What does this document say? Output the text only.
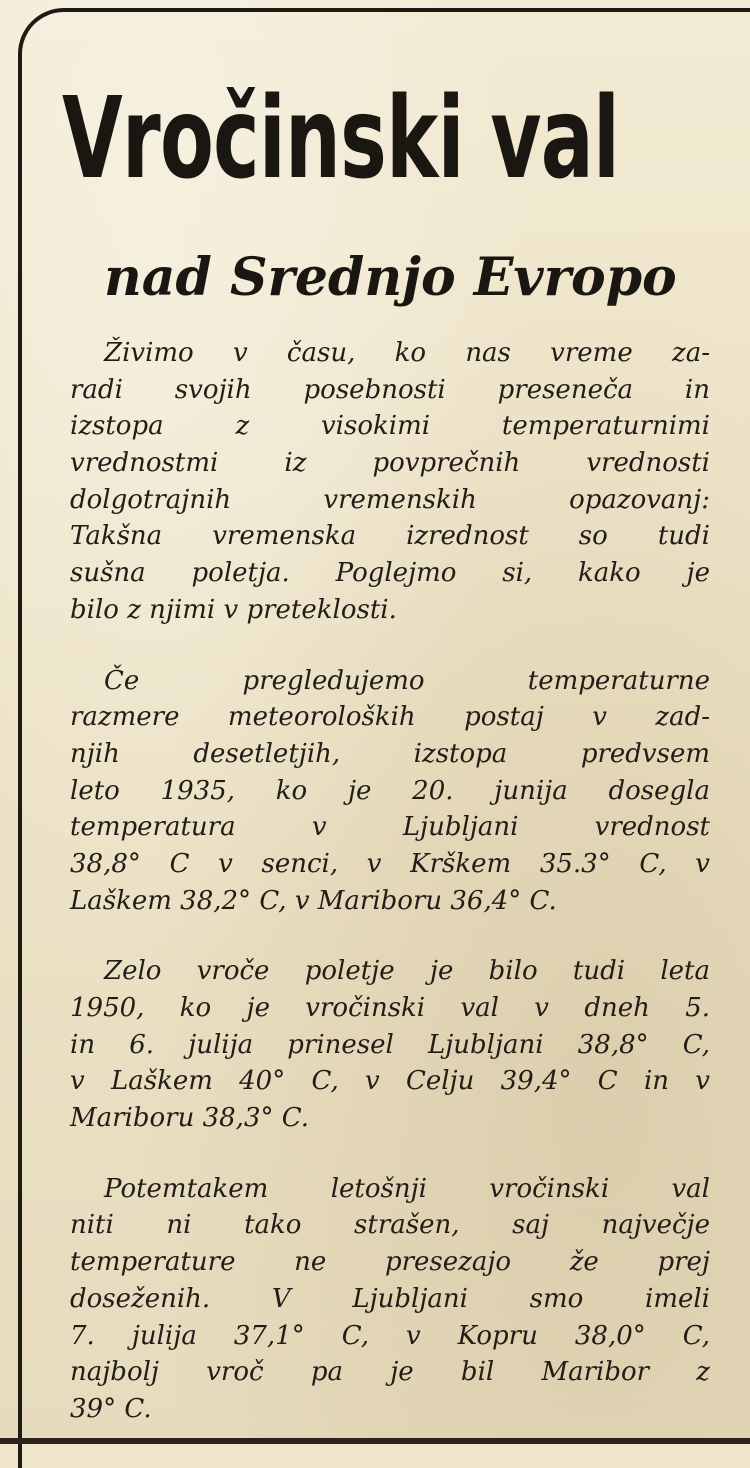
Vročinski val
nad Srednjo Evropo

Živimo v času, ko nas vreme za-
radi svojih posebnosti preseneča in
izstopa z visokimi temperaturnimi
vrednostmi iz povprečnih vrednosti
dolgotrajnih vremenskih opazovanj:
Takšna vremenska izrednost so tudi
sušna poletja. Poglejmo si, kako je
bilo z njimi v preteklosti.

Če pregledujemo temperaturne
razmere meteoroloških postaj v zad-
njih desetletjih, izstopa predvsem
leto 1935, ko je 20. junija dosegla
temperatura v Ljubljani vrednost
38,8° C v senci, v Krškem 35.3° C, v
Laškem 38,2° C, v Mariboru 36,4° C.

Zelo vroče poletje je bilo tudi leta
1950, ko je vročinski val v dneh 5.
in 6. julija prinesel Ljubljani 38,8° C,
v Laškem 40° C, v Celju 39,4° C in v
Mariboru 38,3° C.

Potemtakem letošnji vročinski val
niti ni tako strašen, saj največje
temperature ne presezajo že prej
doseženih. V Ljubljani smo imeli
7. julija 37,1° C, v Kopru 38,0° C,
najbolj vroč pa je bil Maribor z
39° C.
